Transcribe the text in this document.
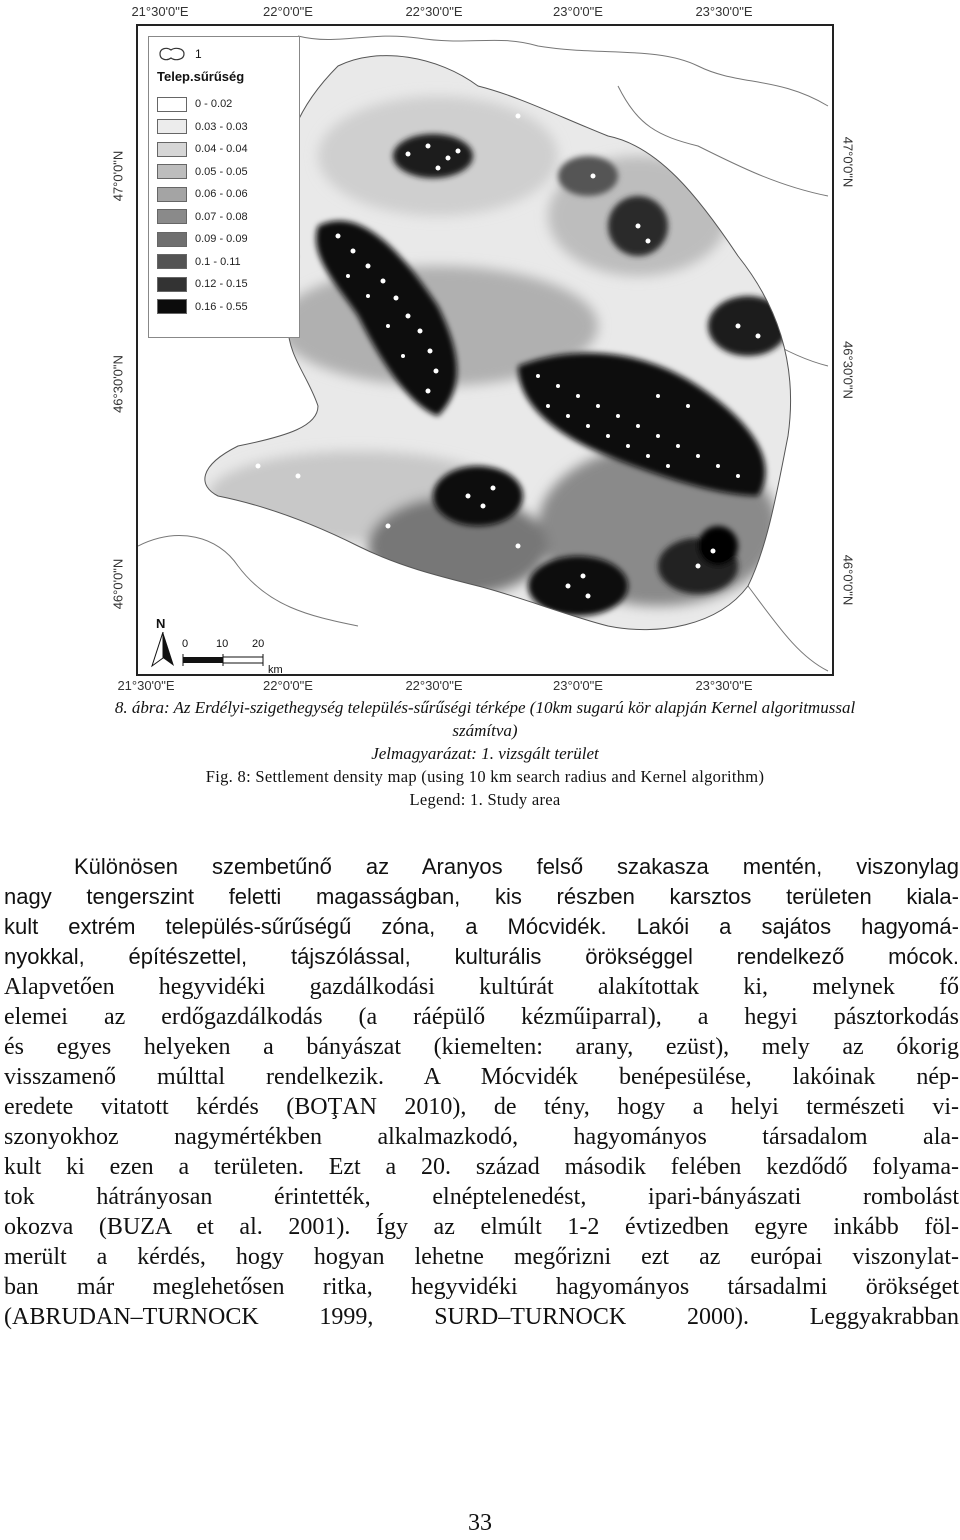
21°30'0"E	22°0'0"E	22°30'0"E	23°0'0"E	23°30'0"E
21°30'0"E	22°0'0"E	22°30'0"E	23°0'0"E	23°30'0"E
47°0'0"N
46°30'0"N
46°0'0"N
47°0'0"N
46°30'0"N
46°0'0"N
1
Telep.sűrűség
0 - 0.02
0.03 - 0.03
0.04 - 0.04
0.05 - 0.05
0.06 - 0.06
0.07 - 0.08
0.09 - 0.09
0.1 - 0.11
0.12 - 0.15
0.16 - 0.55
N
0	10 20
km
8. ábra: Az Erdélyi-szigethegység település-sűrűségi térképe (10km sugarú kör alapján Kernel algoritmussal
számítva)
Jelmagyarázat: 1. vizsgált terület
Fig. 8: Settlement density map (using 10 km search radius and Kernel algorithm)
Legend: 1. Study area
Különösen szembetűnő az Aranyos felső szakasza mentén, viszonylag
nagy tengerszint feletti magasságban, kis részben karsztos területen kiala-
kult extrém település-sűrűségű zóna, a Mócvidék. Lakói a sajátos hagyomá-
nyokkal, építészettel, tájszólással, kulturális örökséggel rendelkező mócok.
Alapvetően hegyvidéki gazdálkodási kultúrát alakítottak ki, melynek fő
elemei az erdőgazdálkodás (a ráépülő kézműiparral), a hegyi pásztorkodás
és egyes helyeken a bányászat (kiemelten: arany, ezüst), mely az ókorig
visszamenő múlttal rendelkezik. A Mócvidék benépesülése, lakóinak nép-
eredete vitatott kérdés (BOŢAN 2010), de tény, hogy a helyi természeti vi-
szonyokhoz nagymértékben alkalmazkodó, hagyományos társadalom ala-
kult ki ezen a területen. Ezt a 20. század második felében kezdődő folyama-
tok hátrányosan érintették, elnéptelenedést, ipari-bányászati rombolást
okozva (BUZA et al. 2001). Így az elmúlt 1-2 évtizedben egyre inkább föl-
merült a kérdés, hogy hogyan lehetne megőrizni ezt az európai viszonylat-
ban már meglehetősen ritka, hegyvidéki hagyományos társadalmi örökséget
(ABRUDAN–TURNOCK 1999, SURD–TURNOCK 2000). Leggyakrabban
33
